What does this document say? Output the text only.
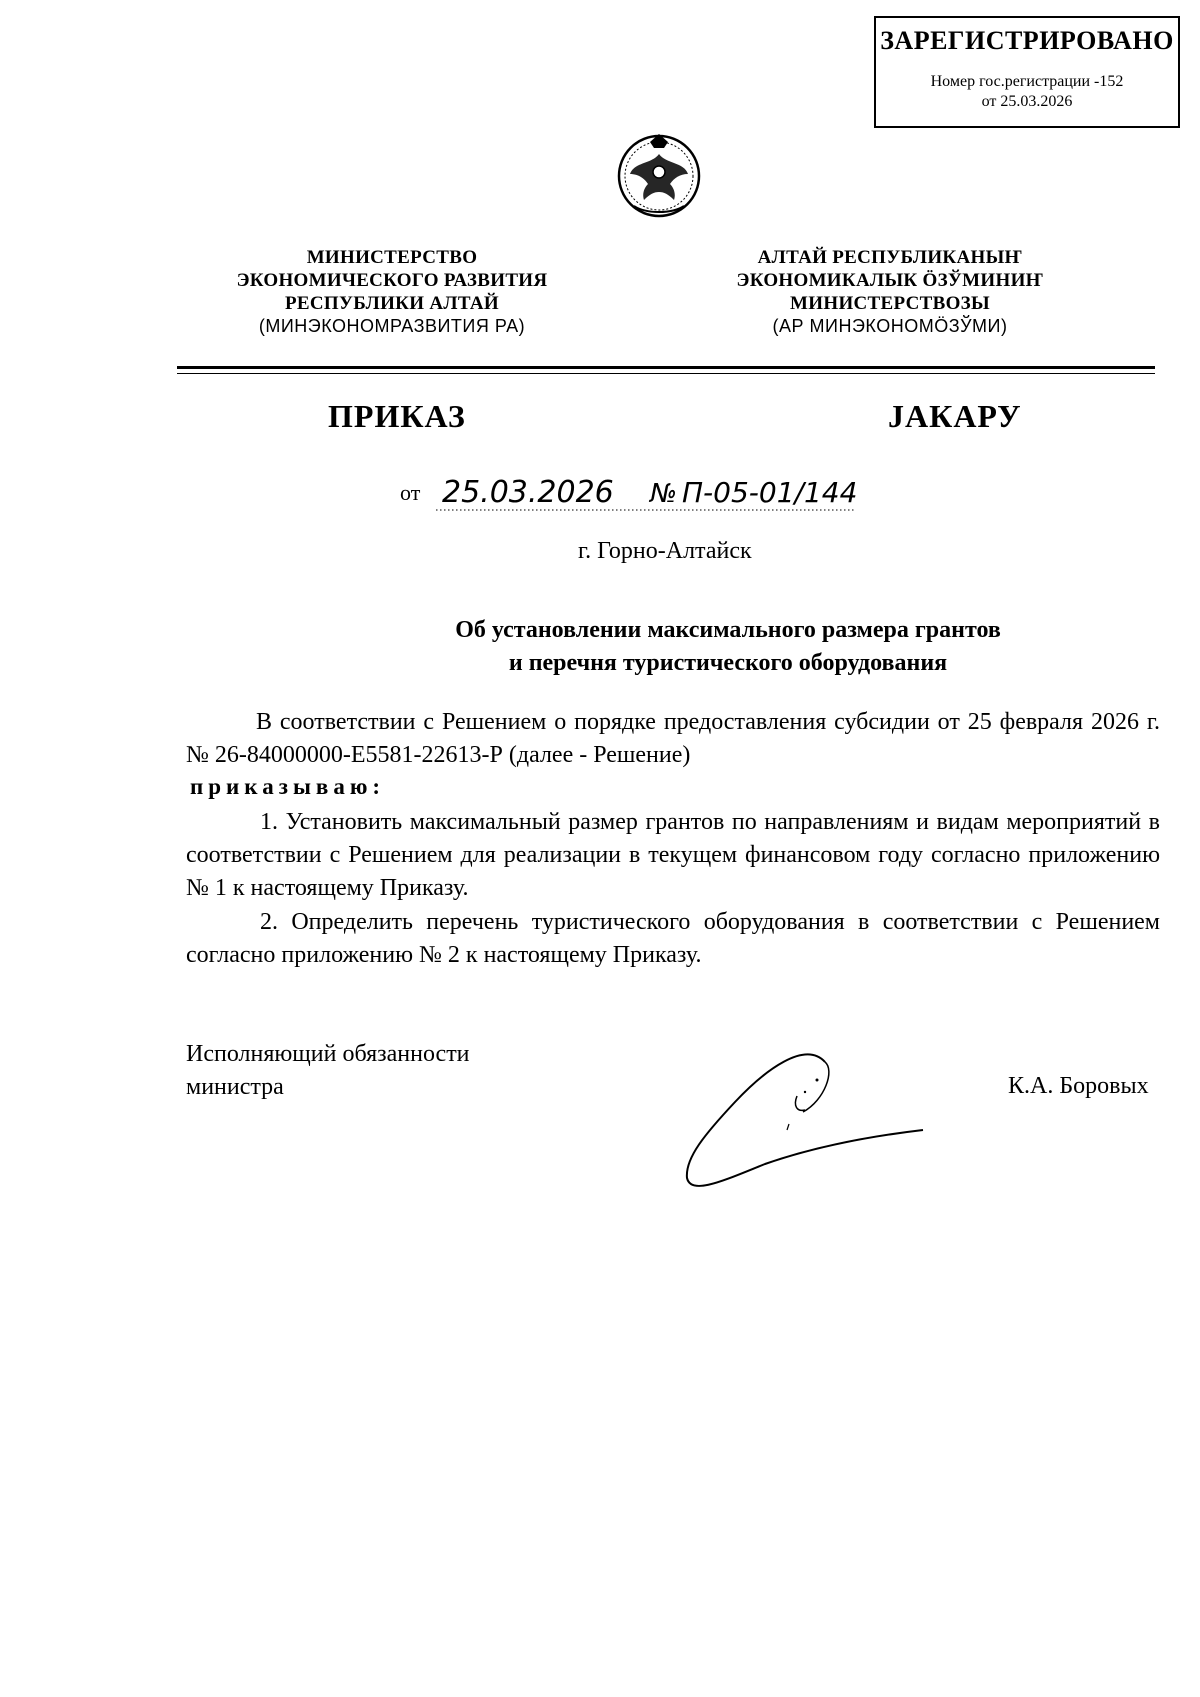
ЗАРЕГИСТРИРОВАНО
Номер гос.регистрации -152
от 25.03.2026
МИНИСТЕРСТВО
ЭКОНОМИЧЕСКОГО РАЗВИТИЯ
РЕСПУБЛИКИ АЛТАЙ
(МИНЭКОНОМРАЗВИТИЯ РА)
АЛТАЙ РЕСПУБЛИКАНЫҤ
ЭКОНОМИКАЛЫК ÖЗЎМИНИҤ
МИНИСТЕРСТВОЗЫ
(АР МИНЭКОНОМÖЗЎМИ)
ПРИКАЗ	ЈАКАРУ
от 25.03.2026 № П-05-01/144
г. Горно-Алтайск
Об установлении максимального размера грантов
и перечня туристического оборудования
В соответствии с Решением о порядке предоставления субсидии от 25 февраля 2026 г. № 26-84000000-Е5581-22613-Р (далее - Решение)
приказываю:
1. Установить максимальный размер грантов по направлениям и видам мероприятий в соответствии с Решением для реализации в текущем финансовом году согласно приложению № 1 к настоящему Приказу.
2. Определить перечень туристического оборудования в соответствии с Решением согласно приложению № 2 к настоящему Приказу.
Исполняющий обязанности
министра	К.А. Боровых
